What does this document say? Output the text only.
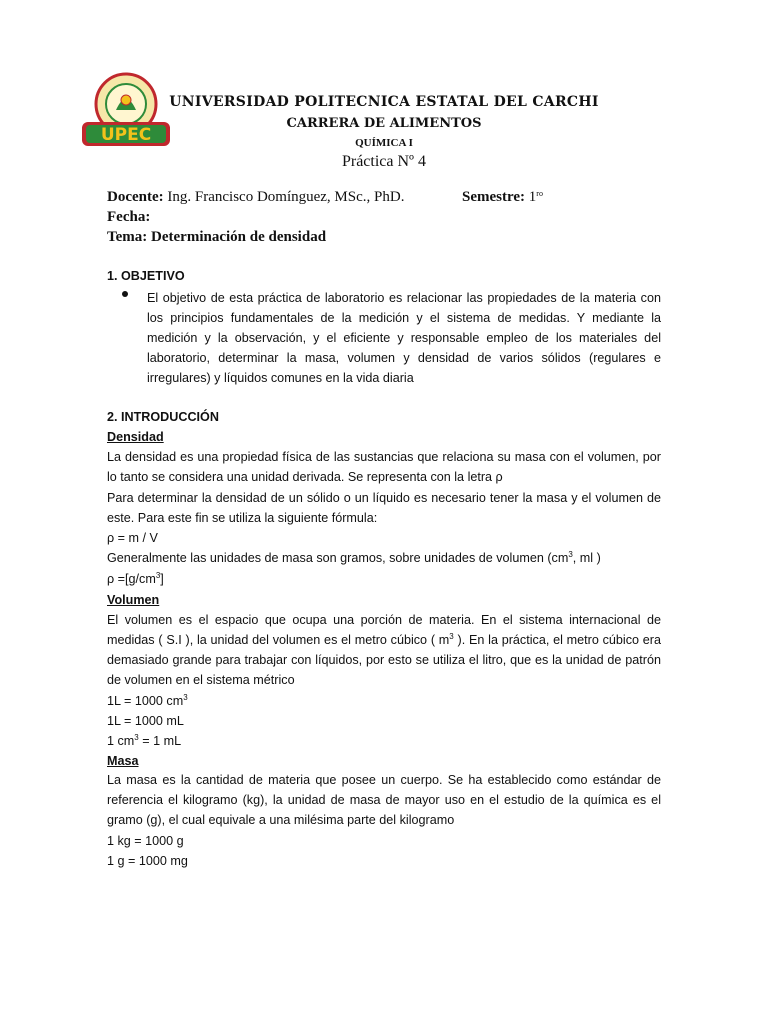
UPEC
UNIVERSIDAD POLITECNICA ESTATAL DEL CARCHI
CARRERA DE ALIMENTOS
QUÍMICA I
Práctica Nº 4
Docente: Ing. Francisco Domínguez, MSc., PhD.	Semestre: $1^{ro}$
Fecha:
Tema: Determinación de densidad
1. OBJETIVO
El objetivo de esta práctica de laboratorio es relacionar las propiedades de la materia con los principios fundamentales de la medición y el sistema de medidas. Y mediante la medición y la observación, y el eficiente y responsable empleo de los materiales del laboratorio, determinar la masa, volumen y densidad de varios sólidos (regulares e irregulares) y líquidos comunes en la vida diaria
2. INTRODUCCIÓN
Densidad
La densidad es una propiedad física de las sustancias que relaciona su masa con el volumen, por lo tanto se considera una unidad derivada. Se representa con la letra ρ
Para determinar la densidad de un sólido o un líquido es necesario tener la masa y el volumen de este. Para este fin se utiliza la siguiente fórmula:
ρ = m / V
Generalmente las unidades de masa son gramos, sobre unidades de volumen ($cm^3$, ml )
$\rho =[g/cm^3]$
Volumen
El volumen es el espacio que ocupa una porción de materia. En el sistema internacional de medidas ( S.I ), la unidad del volumen es el metro cúbico ( $m^3$ ). En la práctica, el metro cúbico era demasiado grande para trabajar con líquidos, por esto se utiliza el litro, que es la unidad de patrón de volumen en el sistema métrico
1L = 1000 $cm^3$
1L = 1000 mL
1 $cm^3 = 1$ mL
Masa
La masa es la cantidad de materia que posee un cuerpo. Se ha establecido como estándar de referencia el kilogramo (kg), la unidad de masa de mayor uso en el estudio de la química es el gramo (g), el cual equivale a una milésima parte del kilogramo
1 kg = 1000 g
1 g = 1000 mg
